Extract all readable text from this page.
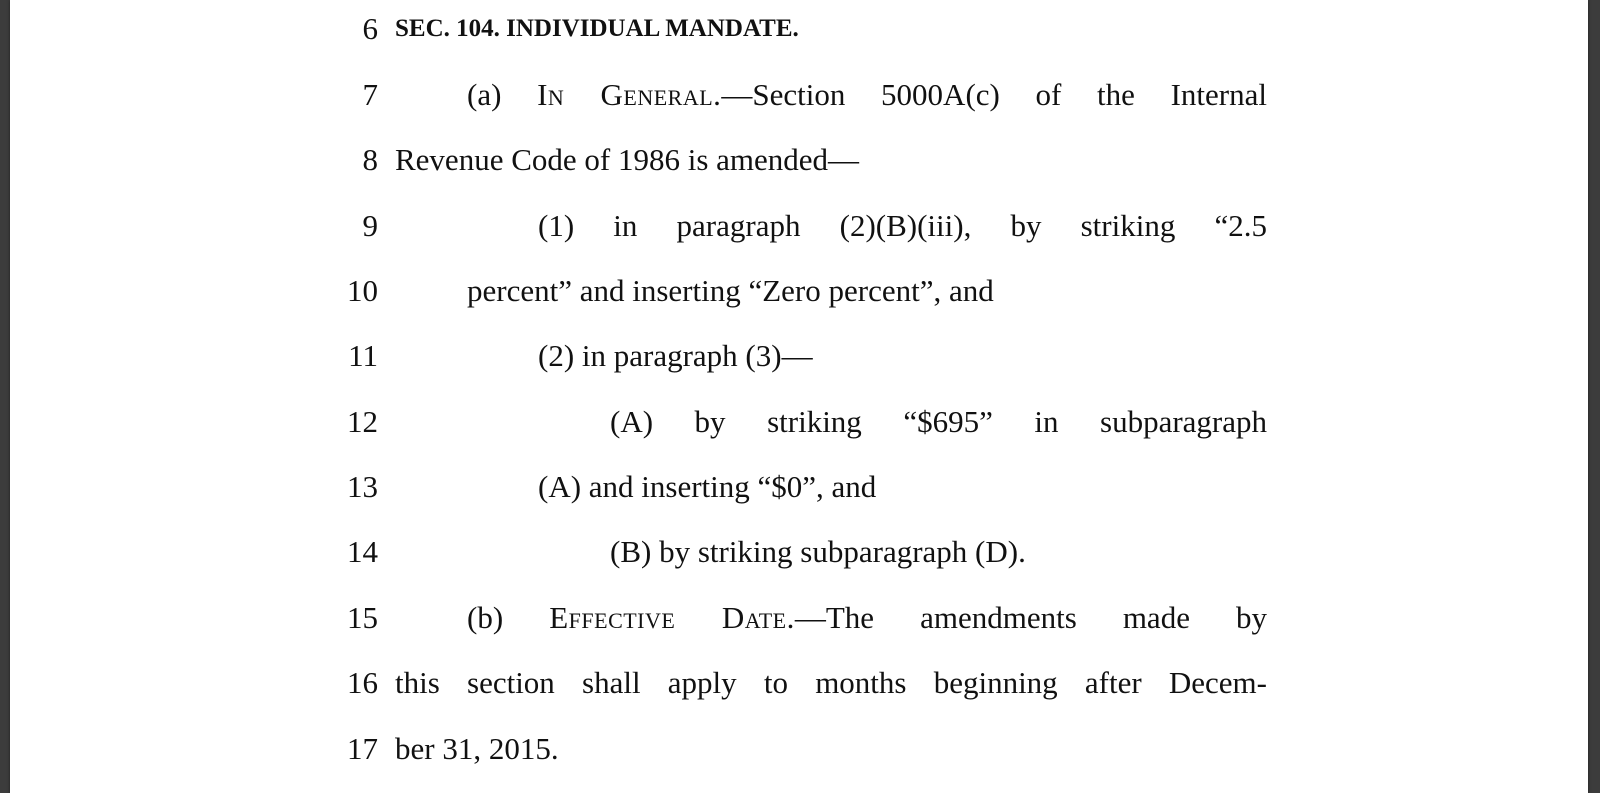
6 SEC. 104. INDIVIDUAL MANDATE.
7	(a) In General.—Section 5000A(c) of the Internal
8 Revenue Code of 1986 is amended—
9	(1) in paragraph (2)(B)(iii), by striking “2.5
10	percent” and inserting “Zero percent”, and
11	(2) in paragraph (3)—
12	(A) by striking “$695” in subparagraph
13	(A) and inserting “$0”, and
14	(B) by striking subparagraph (D).
15	(b) Effective Date.—The amendments made by
16 this section shall apply to months beginning after Decem-
17 ber 31, 2015.
